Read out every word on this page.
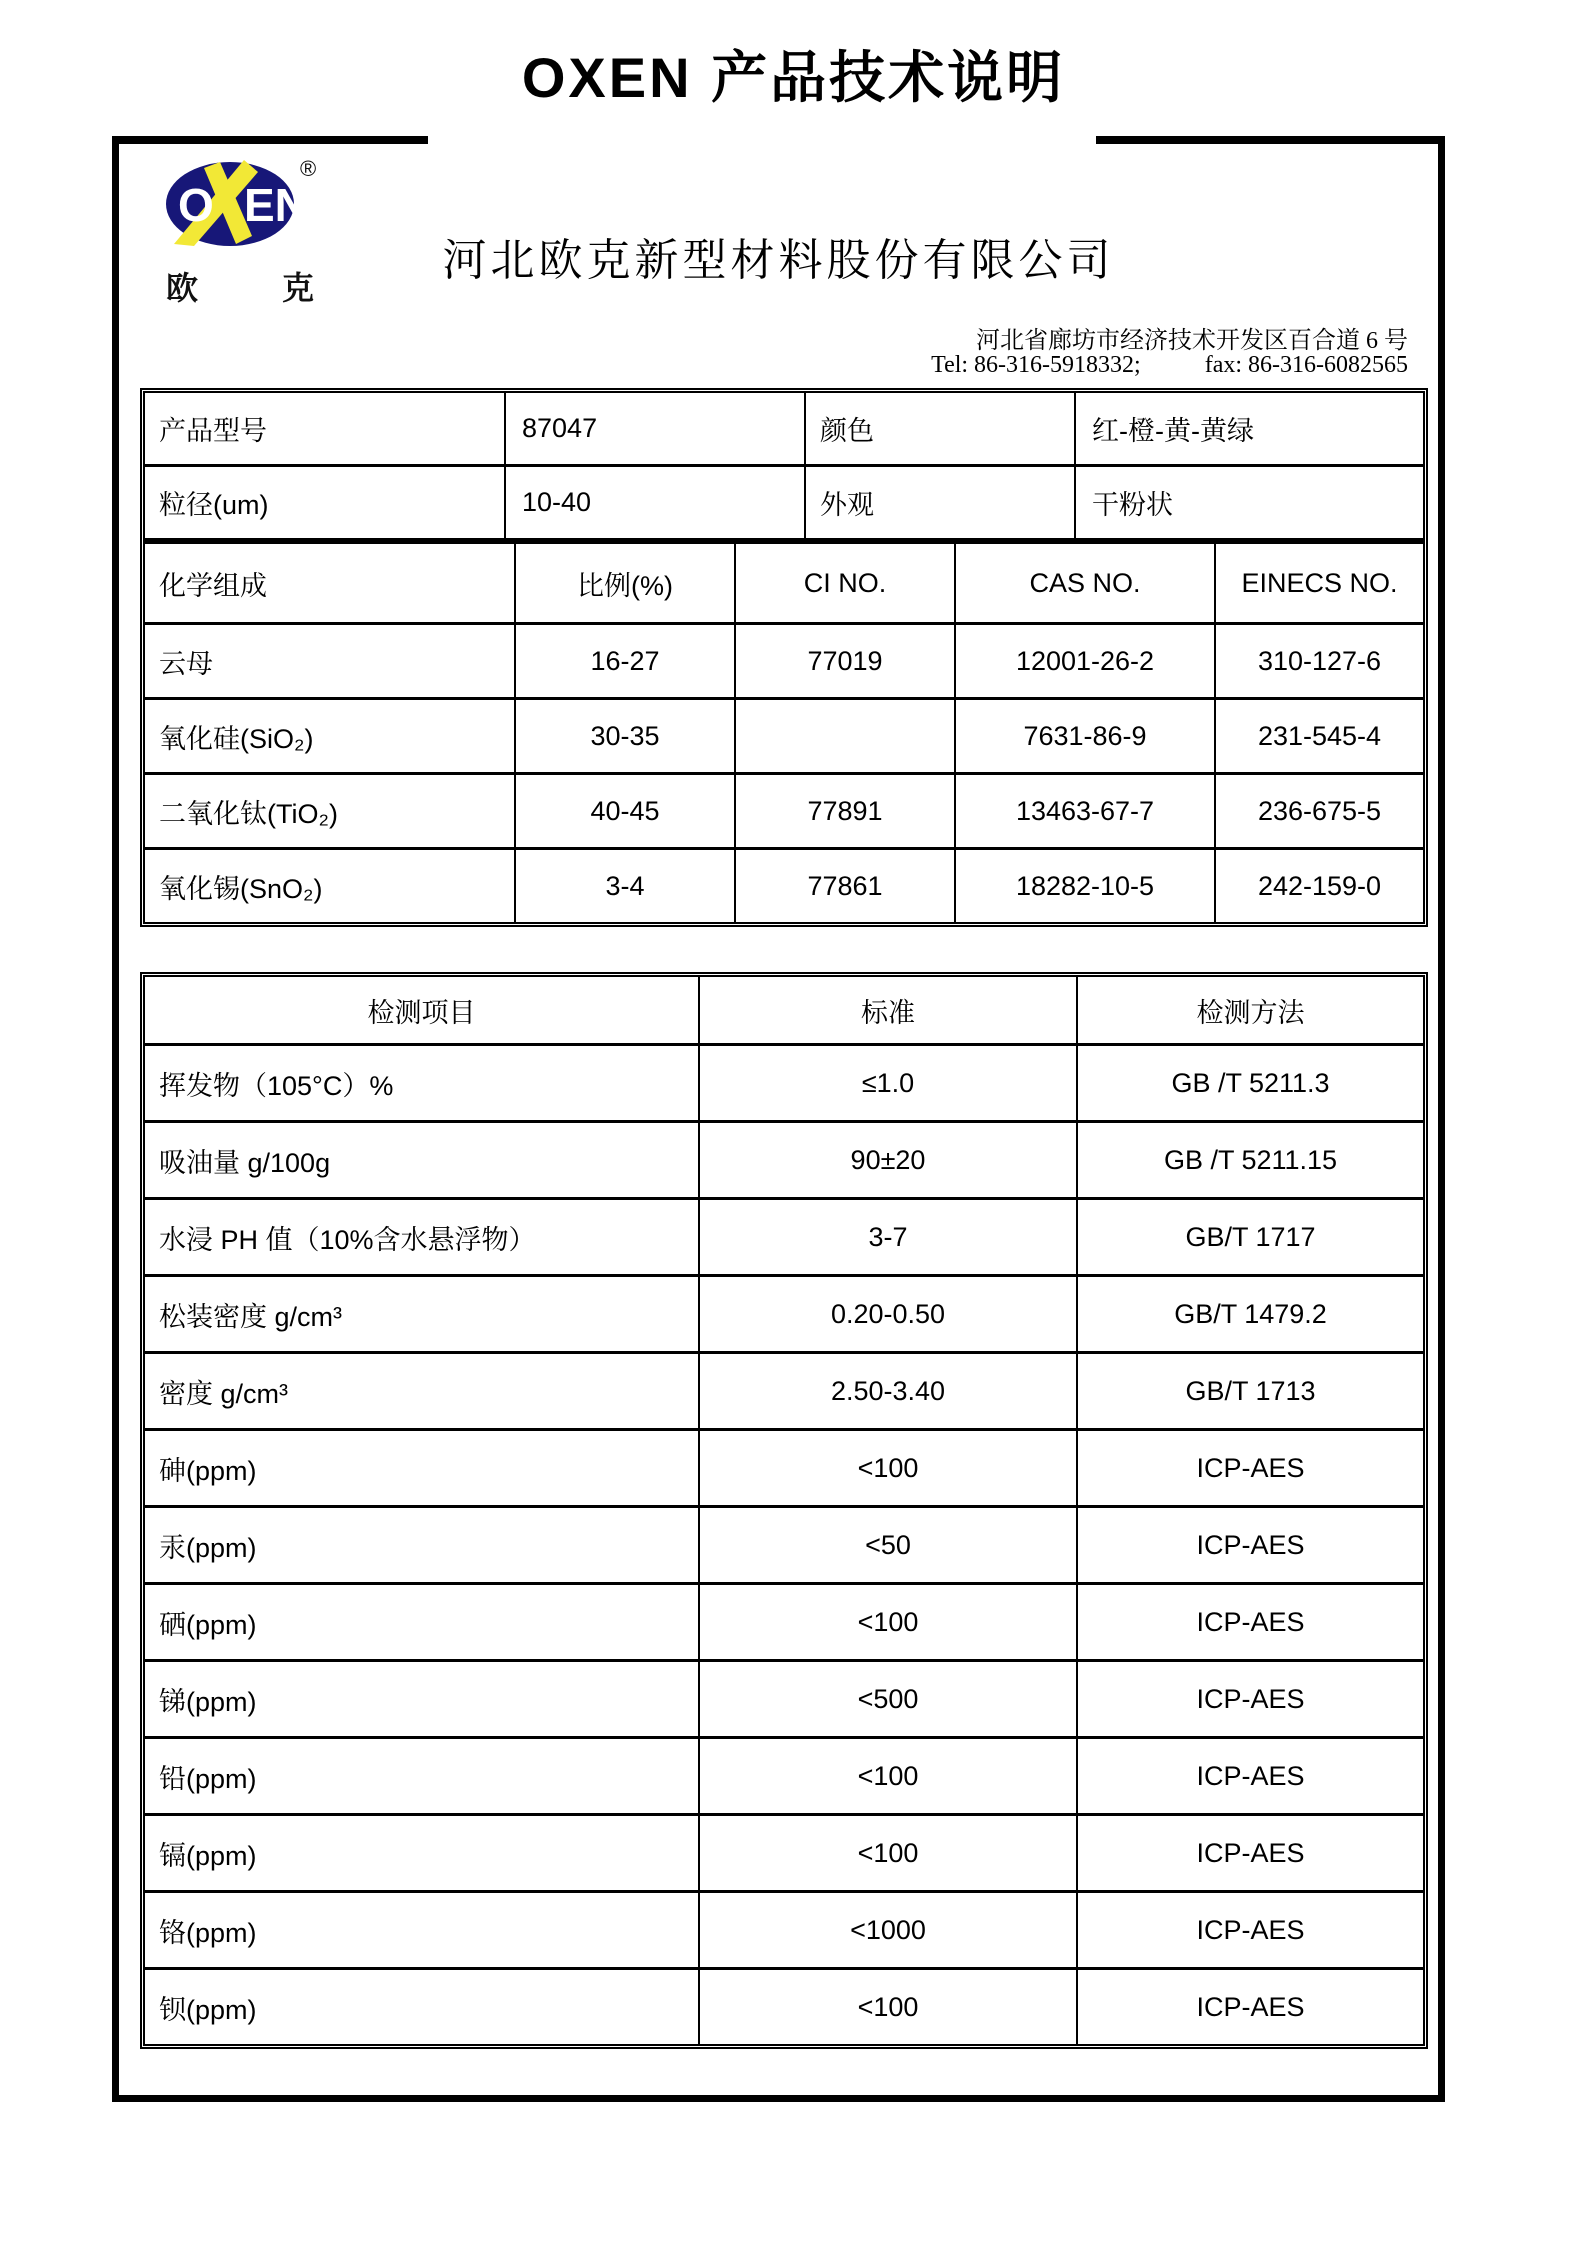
OXEN 产品技术说明
O EN
®
欧	克
河北欧克新型材料股份有限公司
河北省廊坊市经济技术开发区百合道 6 号
Tel: 86-316-5918332;	fax: 86-316-6082565
产品型号	87047	颜色	红-橙-黄-黄绿
粒径(um)	10-40	外观	干粉状
化学组成	比例(%)	CI NO.	CAS NO.	EINECS NO.
云母	16-27	77019	12001-26-2	310-127-6
氧化硅(SiO₂)	30-35		7631-86-9	231-545-4
二氧化钛(TiO₂)	40-45	77891	13463-67-7	236-675-5
氧化锡(SnO₂)	3-4	77861	18282-10-5	242-159-0
检测项目	标准	检测方法
挥发物（105°C）%	≤1.0	GB /T 5211.3
吸油量 g/100g	90±20	GB /T 5211.15
水浸 PH 值（10%含水悬浮物）	3-7	GB/T 1717
松装密度 g/cm³	0.20-0.50	GB/T 1479.2
密度 g/cm³	2.50-3.40	GB/T 1713
砷(ppm)	<100	ICP-AES
汞(ppm)	<50	ICP-AES
硒(ppm)	<100	ICP-AES
锑(ppm)	<500	ICP-AES
铅(ppm)	<100	ICP-AES
镉(ppm)	<100	ICP-AES
铬(ppm)	<1000	ICP-AES
钡(ppm)	<100	ICP-AES
